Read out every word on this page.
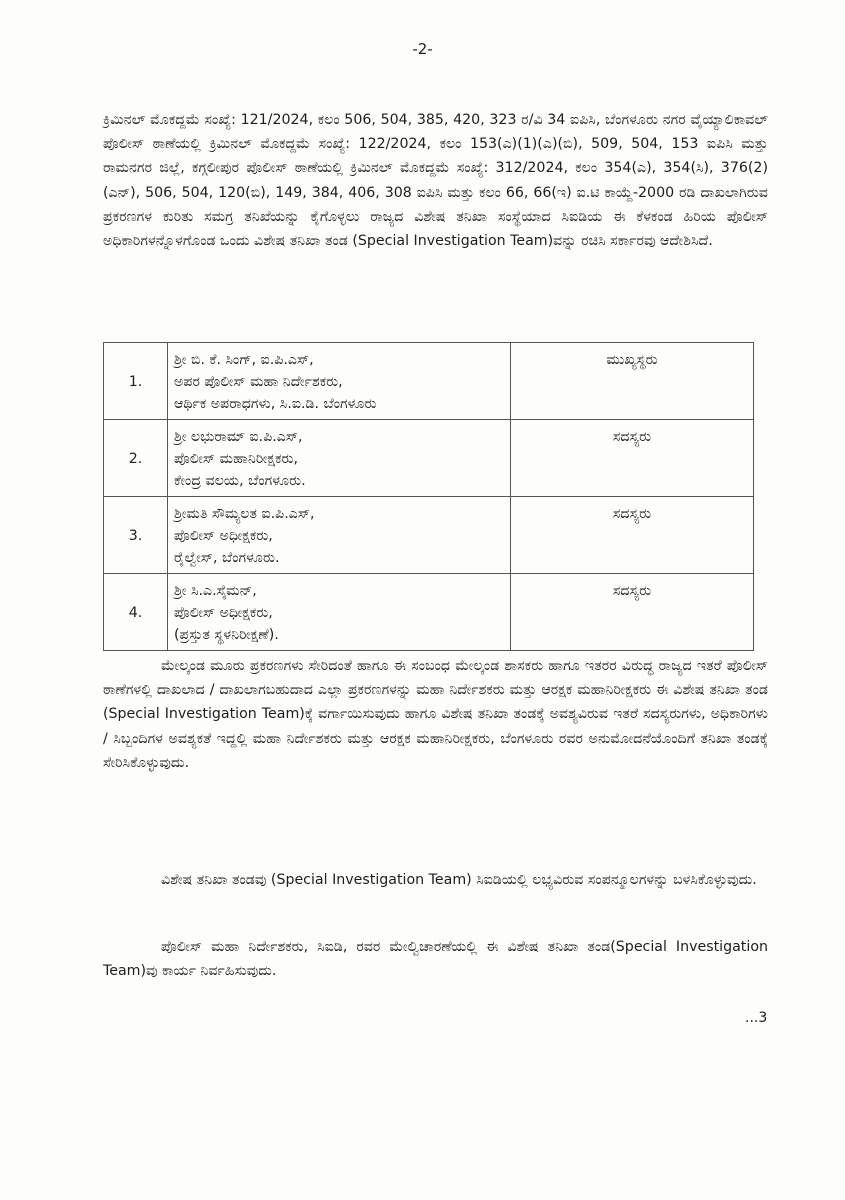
-2-

ಕ್ರಿಮಿನಲ್ ಮೊಕದ್ದಮೆ ಸಂಖ್ಯೆ: 121/2024, ಕಲಂ 506, 504, 385, 420, 323 ರ/ವಿ 34 ಐಪಿಸಿ, ಬೆಂಗಳೂರು ನಗರ ವೈಯ್ಯಾಲಿಕಾವಲ್ ಪೊಲೀಸ್ ಠಾಣೆಯಲ್ಲಿ ಕ್ರಿಮಿನಲ್ ಮೊಕದ್ದಮೆ ಸಂಖ್ಯೆ: 122/2024, ಕಲಂ 153(ಎ)(1)(ಎ)(ಬಿ), 509, 504, 153 ಐಪಿಸಿ ಮತ್ತು ರಾಮನಗರ ಜಿಲ್ಲೆ, ಕಗ್ಗಲೀಪುರ ಪೊಲೀಸ್ ಠಾಣೆಯಲ್ಲಿ ಕ್ರಿಮಿನಲ್ ಮೊಕದ್ದಮೆ ಸಂಖ್ಯೆ: 312/2024, ಕಲಂ 354(ಎ), 354(ಸಿ), 376(2)(ಎನ್), 506, 504, 120(ಬಿ), 149, 384, 406, 308 ಐಪಿಸಿ ಮತ್ತು ಕಲಂ 66, 66(ಇ) ಐ.ಟಿ ಕಾಯ್ದೆ-2000 ರಡಿ ದಾಖಲಾಗಿರುವ ಪ್ರಕರಣಗಳ ಕುರಿತು ಸಮಗ್ರ ತನಿಖೆಯನ್ನು ಕೈಗೊಳ್ಳಲು ರಾಜ್ಯದ ವಿಶೇಷ ತನಿಖಾ ಸಂಸ್ಥೆಯಾದ ಸಿಐಡಿಯ ಈ ಕೆಳಕಂಡ ಹಿರಿಯ ಪೊಲೀಸ್ ಅಧಿಕಾರಿಗಳನ್ನೊಳಗೊಂಡ ಒಂದು ವಿಶೇಷ ತನಿಖಾ ತಂಡ (Special Investigation Team)ವನ್ನು ರಚಿಸಿ ಸರ್ಕಾರವು ಆದೇಶಿಸಿದೆ.

1.	ಶ್ರೀ ಬಿ. ಕೆ. ಸಿಂಗ್, ಐ.ಪಿ.ಎಸ್,
ಅಪರ ಪೊಲೀಸ್ ಮಹಾ ನಿರ್ದೇಶಕರು,
ಆರ್ಥಿಕ ಅಪರಾಧಗಳು, ಸಿ.ಐ.ಡಿ. ಬೆಂಗಳೂರು	ಮುಖ್ಯಸ್ಥರು
2.	ಶ್ರೀ ಲಭುರಾಮ್ ಐ.ಪಿ.ಎಸ್,
ಪೊಲೀಸ್ ಮಹಾನಿರೀಕ್ಷಕರು,
ಕೇಂದ್ರ ವಲಯ, ಬೆಂಗಳೂರು.	ಸದಸ್ಯರು
3.	ಶ್ರೀಮತಿ ಸೌಮ್ಯಲತ ಐ.ಪಿ.ಎಸ್,
ಪೊಲೀಸ್ ಅಧೀಕ್ಷಕರು,
ರೈಲ್ವೇಸ್, ಬೆಂಗಳೂರು.	ಸದಸ್ಯರು
4.	ಶ್ರೀ ಸಿ.ಎ.ಸೈಮನ್,
ಪೊಲೀಸ್ ಅಧೀಕ್ಷಕರು,
(ಪ್ರಸ್ತುತ ಸ್ಥಳನಿರೀಕ್ಷಣೆ).	ಸದಸ್ಯರು

ಮೇಲ್ಕಂಡ ಮೂರು ಪ್ರಕರಣಗಳು ಸೇರಿದಂತೆ ಹಾಗೂ ಈ ಸಂಬಂಧ ಮೇಲ್ಕಂಡ ಶಾಸಕರು ಹಾಗೂ ಇತರರ ವಿರುದ್ಧ ರಾಜ್ಯದ ಇತರೆ ಪೊಲೀಸ್ ಠಾಣೆಗಳಲ್ಲಿ ದಾಖಲಾದ / ದಾಖಲಾಗಬಹುದಾದ ಎಲ್ಲಾ ಪ್ರಕರಣಗಳನ್ನು ಮಹಾ ನಿರ್ದೇಶಕರು ಮತ್ತು ಆರಕ್ಷಕ ಮಹಾನಿರೀಕ್ಷಕರು ಈ ವಿಶೇಷ ತನಿಖಾ ತಂಡ (Special Investigation Team)ಕ್ಕೆ ವರ್ಗಾಯಿಸುವುದು ಹಾಗೂ ವಿಶೇಷ ತನಿಖಾ ತಂಡಕ್ಕೆ ಅವಶ್ಯವಿರುವ ಇತರೆ ಸದಸ್ಯರುಗಳು, ಅಧಿಕಾರಿಗಳು / ಸಿಬ್ಬಂದಿಗಳ ಅವಶ್ಯಕತೆ ಇದ್ದಲ್ಲಿ ಮಹಾ ನಿರ್ದೇಶಕರು ಮತ್ತು ಆರಕ್ಷಕ ಮಹಾನಿರೀಕ್ಷಕರು, ಬೆಂಗಳೂರು ರವರ ಅನುಮೋದನೆಯೊಂದಿಗೆ ತನಿಖಾ ತಂಡಕ್ಕೆ ಸೇರಿಸಿಕೊಳ್ಳುವುದು.

ವಿಶೇಷ ತನಿಖಾ ತಂಡವು (Special Investigation Team) ಸಿಐಡಿಯಲ್ಲಿ ಲಭ್ಯವಿರುವ ಸಂಪನ್ಮೂಲಗಳನ್ನು ಬಳಸಿಕೊಳ್ಳುವುದು.

ಪೊಲೀಸ್ ಮಹಾ ನಿರ್ದೇಶಕರು, ಸಿಐಡಿ, ರವರ ಮೇಲ್ವಿಚಾರಣೆಯಲ್ಲಿ ಈ ವಿಶೇಷ ತನಿಖಾ ತಂಡ(Special Investigation Team)ವು ಕಾರ್ಯ ನಿರ್ವಹಿಸುವುದು.

...3
